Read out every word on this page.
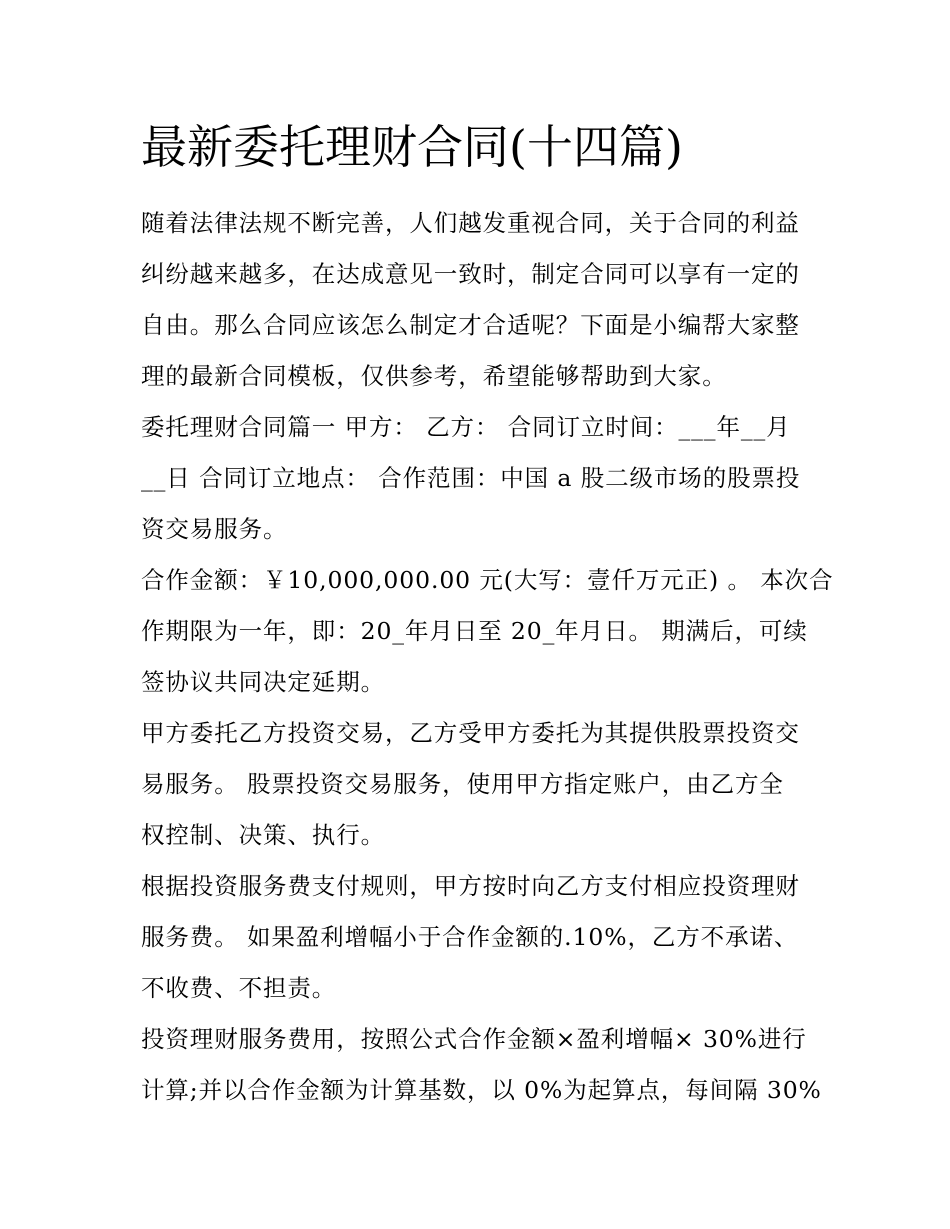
最新委托理财合同(十四篇)

随着法律法规不断完善，人们越发重视合同，关于合同的利益
纠纷越来越多，在达成意见一致时，制定合同可以享有一定的
自由。那么合同应该怎么制定才合适呢？下面是小编帮大家整
理的最新合同模板，仅供参考，希望能够帮助到大家。

委托理财合同篇一 甲方： 乙方： 合同订立时间：___年__月
__日 合同订立地点： 合作范围：中国 a 股二级市场的股票投
资交易服务。

合作金额：￥10,000,000.00 元(大写：壹仟万元正) 。 本次合
作期限为一年，即：20_年月日至 20_年月日。 期满后，可续
签协议共同决定延期。

甲方委托乙方投资交易，乙方受甲方委托为其提供股票投资交
易服务。 股票投资交易服务，使用甲方指定账户，由乙方全
权控制、决策、执行。

根据投资服务费支付规则，甲方按时向乙方支付相应投资理财
服务费。 如果盈利增幅小于合作金额的.10%，乙方不承诺、
不收费、不担责。

投资理财服务费用，按照公式合作金额×盈利增幅× 30%进行
计算;并以合作金额为计算基数，以 0%为起算点，每间隔 30%
